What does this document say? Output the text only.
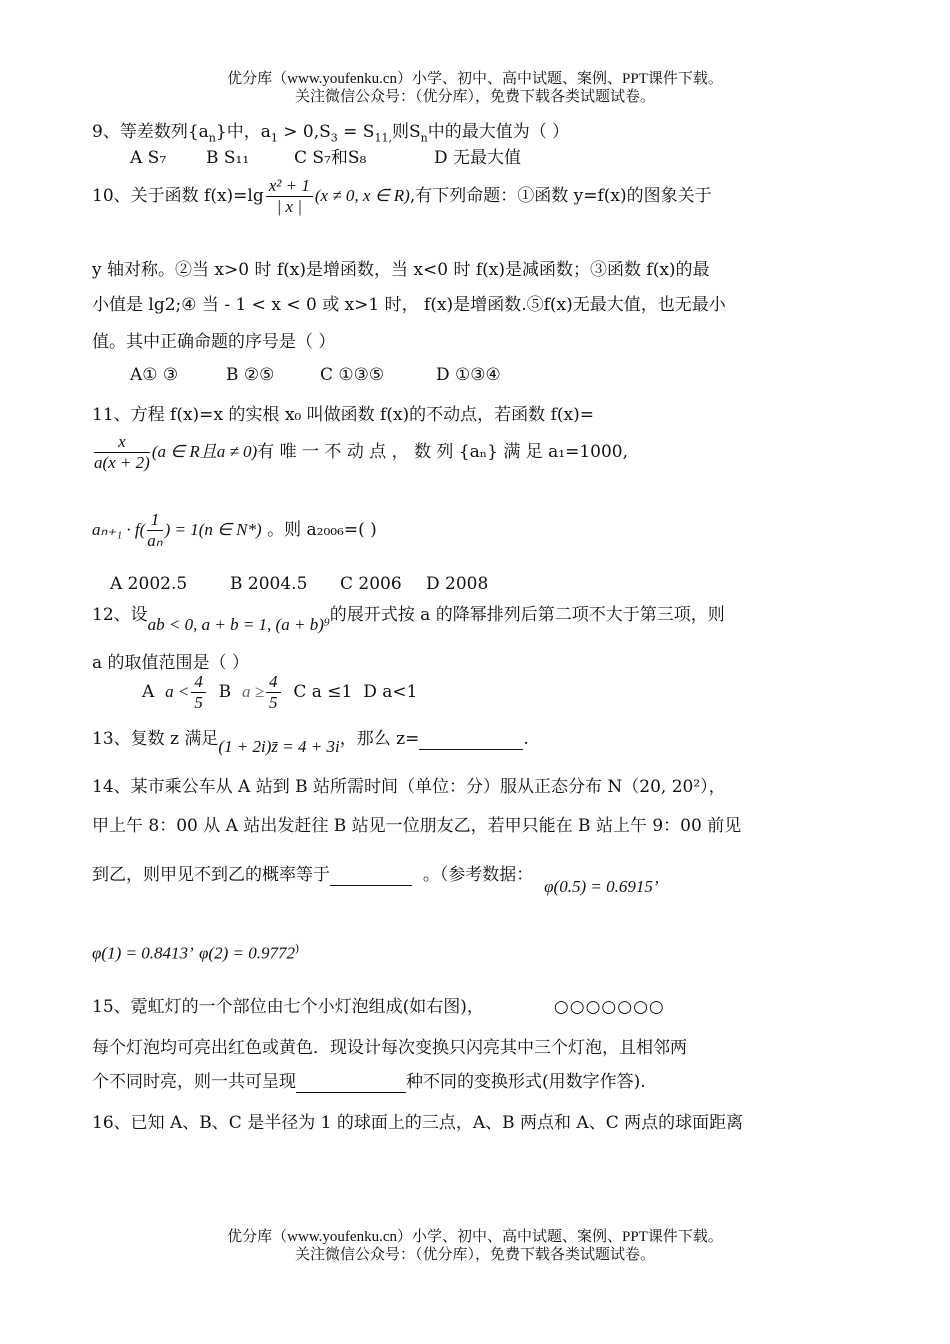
优分库（www.youfenku.cn）小学、初中、高中试题、案例、PPT课件下载。
关注微信公众号：（优分库），免费下载各类试题试卷。
9、等差数列$\{a_n\}$中，$a_1 > 0,S_3 = S_{11,}$则$S_n$中的最大值为（ ）
A S₇ B S₁₁	C S₇和S₈	D 无最大值
10、关于函数 $f(x)=\lg \frac{\text{x² + 1}}{| x |} (x \ne 0$, x ∈ R),有下列命题：①函数 y=f(x)的图象关于
y 轴对称。②当 x>0 时 f(x)是增函数，当 x<0 时 f(x)是减函数；③函数 f(x)的最
小值是 lg2;④ 当 - 1 < x < 0 或 x>1 时， f(x)是增函数.⑤f(x)无最大值，也无最小
值。其中正确命题的序号是（ ）
A① ③	B ②⑤	C ①③⑤	D ①③④
11、方程 f(x)=x 的实根 x₀ 叫做函数 f(x)的不动点，若函数 f(x)=
$\frac{x}{a(x + 2)} (a$ ∈ R且a ≠ 0)有 唯 一 不 动 点 ， 数 列 {aₙ} 满 足 a₁=1000,
$a_{n+1} \cdot f( \frac{1}{\text{aₙ}}$ ) = 1(n ∈ N*) 。则 a₂₀₀₆=( )
A 2002.5	B 2004.5 C 2006 D 2008
12、设ab < 0, a + b = 1, (a + b)⁹的展开式按 a 的降幂排列后第二项不大于第三项，则
a 的取值范围是（ ）
A $a < \frac{4}{5}$ B $a \ge \frac{4}{5}$ C a ≤1 D a<1
13、复数 z 满足(1 + 2i)z̄ = 4 + 3i，那么 z=	.
14、某市乘公车从 A 站到 B 站所需时间（单位：分）服从正态分布 N（20, 20²），
甲上午 8：00 从 A 站出发赶往 B 站见一位朋友乙，若甲只能在 B 站上午 9：00 前见
到乙，则甲见不到乙的概率等于	。（参考数据：  φ(0.5) = 0.6915’
φ(1) = 0.8413’ φ(2) = 0.9772)
15、霓虹灯的一个部位由七个小灯泡组成(如右图)，	○○○○○○○
每个灯泡均可亮出红色或黄色．现设计每次变换只闪亮其中三个灯泡，且相邻两
个不同时亮，则一共可呈现	种不同的变换形式(用数字作答).
16、已知 A、B、C 是半径为 1 的球面上的三点，A、B 两点和 A、C 两点的球面距离
优分库（www.youfenku.cn）小学、初中、高中试题、案例、PPT课件下载。
关注微信公众号：（优分库），免费下载各类试题试卷。
